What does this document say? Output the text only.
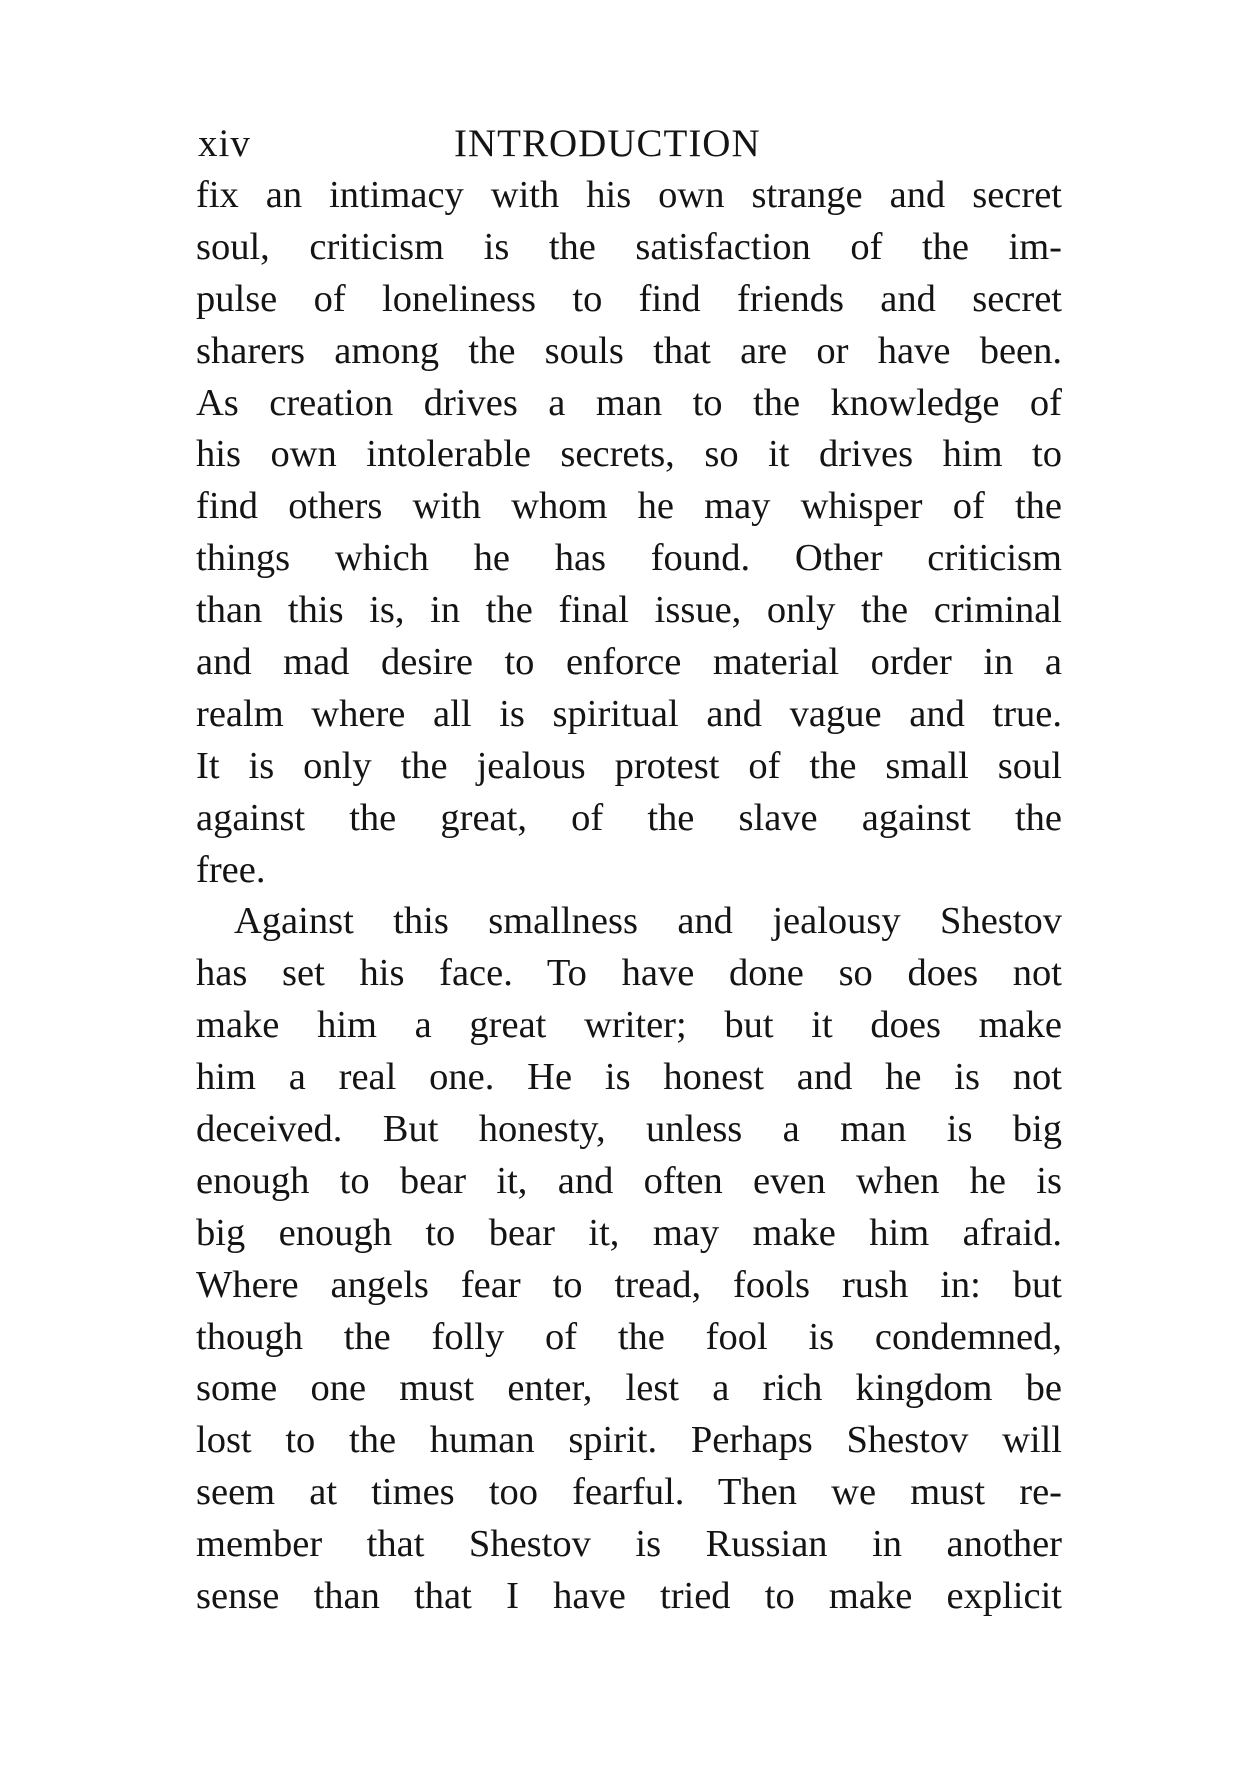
xiv	INTRODUCTION
fix an intimacy with his own strange and secret
soul, criticism is the satisfaction of the im-
pulse of loneliness to find friends and secret
sharers among the souls that are or have been.
As creation drives a man to the knowledge of
his own intolerable secrets, so it drives him to
find others with whom he may whisper of the
things which he has found. Other criticism
than this is, in the final issue, only the criminal
and mad desire to enforce material order in a
realm where all is spiritual and vague and true.
It is only the jealous protest of the small soul
against the great, of the slave against the
free.
Against this smallness and jealousy Shestov
has set his face. To have done so does not
make him a great writer; but it does make
him a real one. He is honest and he is not
deceived. But honesty, unless a man is big
enough to bear it, and often even when he is
big enough to bear it, may make him afraid.
Where angels fear to tread, fools rush in: but
though the folly of the fool is condemned,
some one must enter, lest a rich kingdom be
lost to the human spirit. Perhaps Shestov will
seem at times too fearful. Then we must re-
member that Shestov is Russian in another
sense than that I have tried to make explicit
